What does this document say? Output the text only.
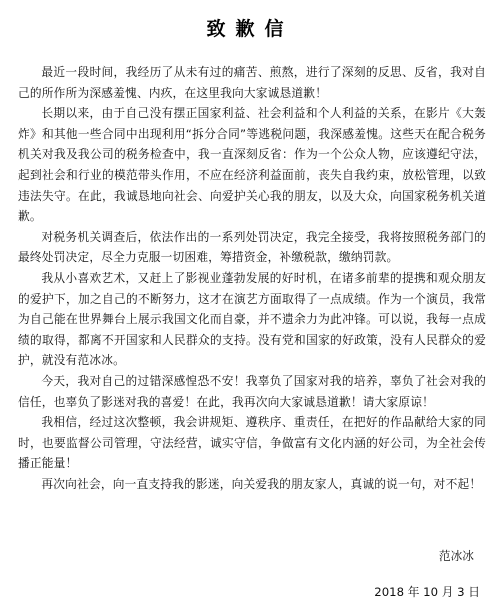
致歉信

最近一段时间，我经历了从未有过的痛苦、煎熬，进行了深刻的反思、反省，我对自己的所作所为深感羞愧、内疚，在这里我向大家诚恳道歉！

长期以来，由于自己没有摆正国家利益、社会利益和个人利益的关系，在影片《大轰炸》和其他一些合同中出现利用“拆分合同”等逃税问题，我深感羞愧。这些天在配合税务机关对我及我公司的税务检查中，我一直深刻反省：作为一个公众人物，应该遵纪守法，起到社会和行业的模范带头作用，不应在经济利益面前，丧失自我约束，放松管理，以致违法失守。在此，我诚恳地向社会、向爱护关心我的朋友，以及大众，向国家税务机关道歉。

对税务机关调查后，依法作出的一系列处罚决定，我完全接受，我将按照税务部门的最终处罚决定，尽全力克服一切困难，筹措资金，补缴税款，缴纳罚款。

我从小喜欢艺术，又赶上了影视业蓬勃发展的好时机，在诸多前辈的提携和观众朋友的爱护下，加之自己的不断努力，这才在演艺方面取得了一点成绩。作为一个演员，我常为自己能在世界舞台上展示我国文化而自豪，并不遗余力为此冲锋。可以说，我每一点成绩的取得，都离不开国家和人民群众的支持。没有党和国家的好政策，没有人民群众的爱护，就没有范冰冰。

今天，我对自己的过错深感惶恐不安！我辜负了国家对我的培养，辜负了社会对我的信任，也辜负了影迷对我的喜爱！在此，我再次向大家诚恳道歉！请大家原谅！

我相信，经过这次整顿，我会讲规矩、遵秩序、重责任，在把好的作品献给大家的同时，也要监督公司管理，守法经营，诚实守信，争做富有文化内涵的好公司，为全社会传播正能量！

再次向社会，向一直支持我的影迷，向关爱我的朋友家人，真诚的说一句，对不起！

范冰冰
2018 年 10 月 3 日
